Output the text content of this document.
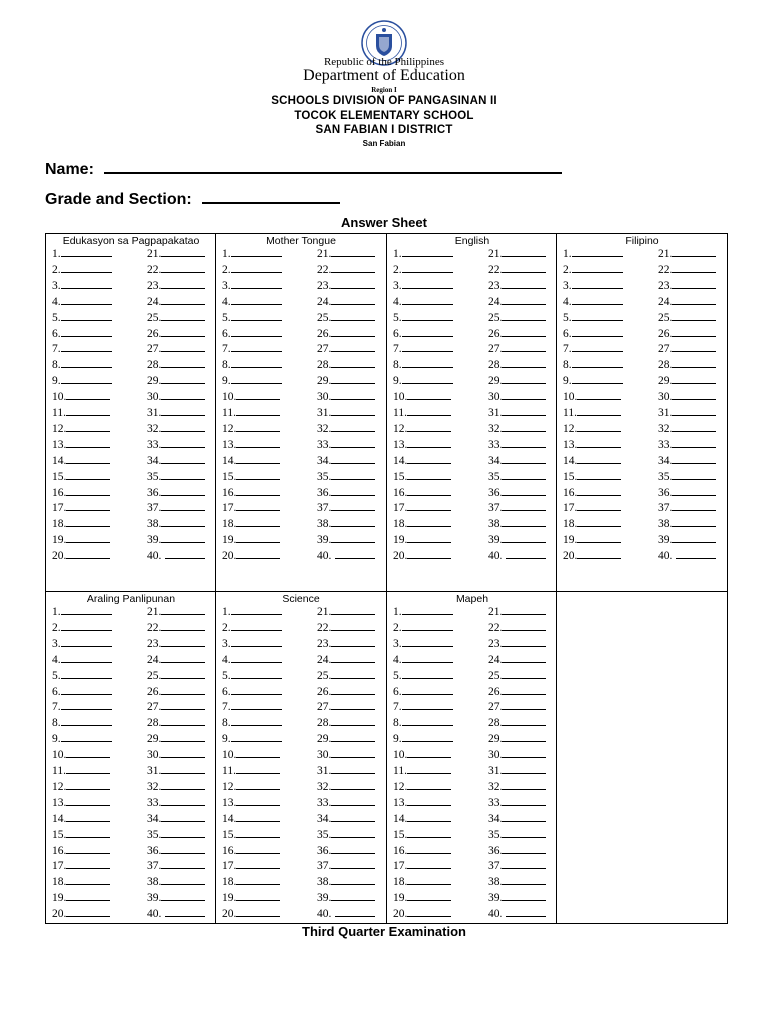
Republic of the Philippines
Department of Education
Region I
SCHOOLS DIVISION OF PANGASINAN II
TOCOK ELEMENTARY SCHOOL
SAN FABIAN I DISTRICT
San Fabian
Name:
Grade and Section:
Answer Sheet
Edukasyon sa Pagpapakatao
1.
2.
3.
4.
5.
6.
7.
8.
9.
10.
11.
12.
13.
14.
15.
16.
17.
18.
19.
20.
21.
22.
23.
24.
25.
26.
27.
28.
29.
30.
31.
32.
33.
34.
35.
36.
37.
38.
39.
40.
Mother Tongue
1.
2.
3.
4.
5.
6.
7.
8.
9.
10.
11.
12.
13.
14.
15.
16.
17.
18.
19.
20.
21.
22.
23.
24.
25.
26.
27.
28.
29.
30.
31.
32.
33.
34.
35.
36.
37.
38.
39.
40.
English
1.
2.
3.
4.
5.
6.
7.
8.
9.
10.
11.
12.
13.
14.
15.
16.
17.
18.
19.
20.
21.
22.
23.
24.
25.
26.
27.
28.
29.
30.
31.
32.
33.
34.
35.
36.
37.
38.
39.
40.
Filipino
1.
2.
3.
4.
5.
6.
7.
8.
9.
10.
11.
12.
13.
14.
15.
16.
17.
18.
19.
20.
21.
22.
23.
24.
25.
26.
27.
28.
29.
30.
31.
32.
33.
34.
35.
36.
37.
38.
39.
40.
Araling Panlipunan
1.
2.
3.
4.
5.
6.
7.
8.
9.
10.
11.
12.
13.
14.
15.
16.
17.
18.
19.
20.
21.
22.
23.
24.
25.
26.
27.
28.
29.
30.
31.
32.
33.
34.
35.
36.
37.
38.
39.
40.
Science
1.
2.
3.
4.
5.
6.
7.
8.
9.
10.
11.
12.
13.
14.
15.
16.
17.
18.
19.
20.
21.
22.
23.
24.
25.
26.
27.
28.
29.
30.
31.
32.
33.
34.
35.
36.
37.
38.
39.
40.
Mapeh
1.
2.
3.
4.
5.
6.
7.
8.
9.
10.
11.
12.
13.
14.
15.
16.
17.
18.
19.
20.
21.
22.
23.
24.
25.
26.
27.
28.
29.
30.
31.
32.
33.
34.
35.
36.
37.
38.
39.
40.
Third Quarter Examination
